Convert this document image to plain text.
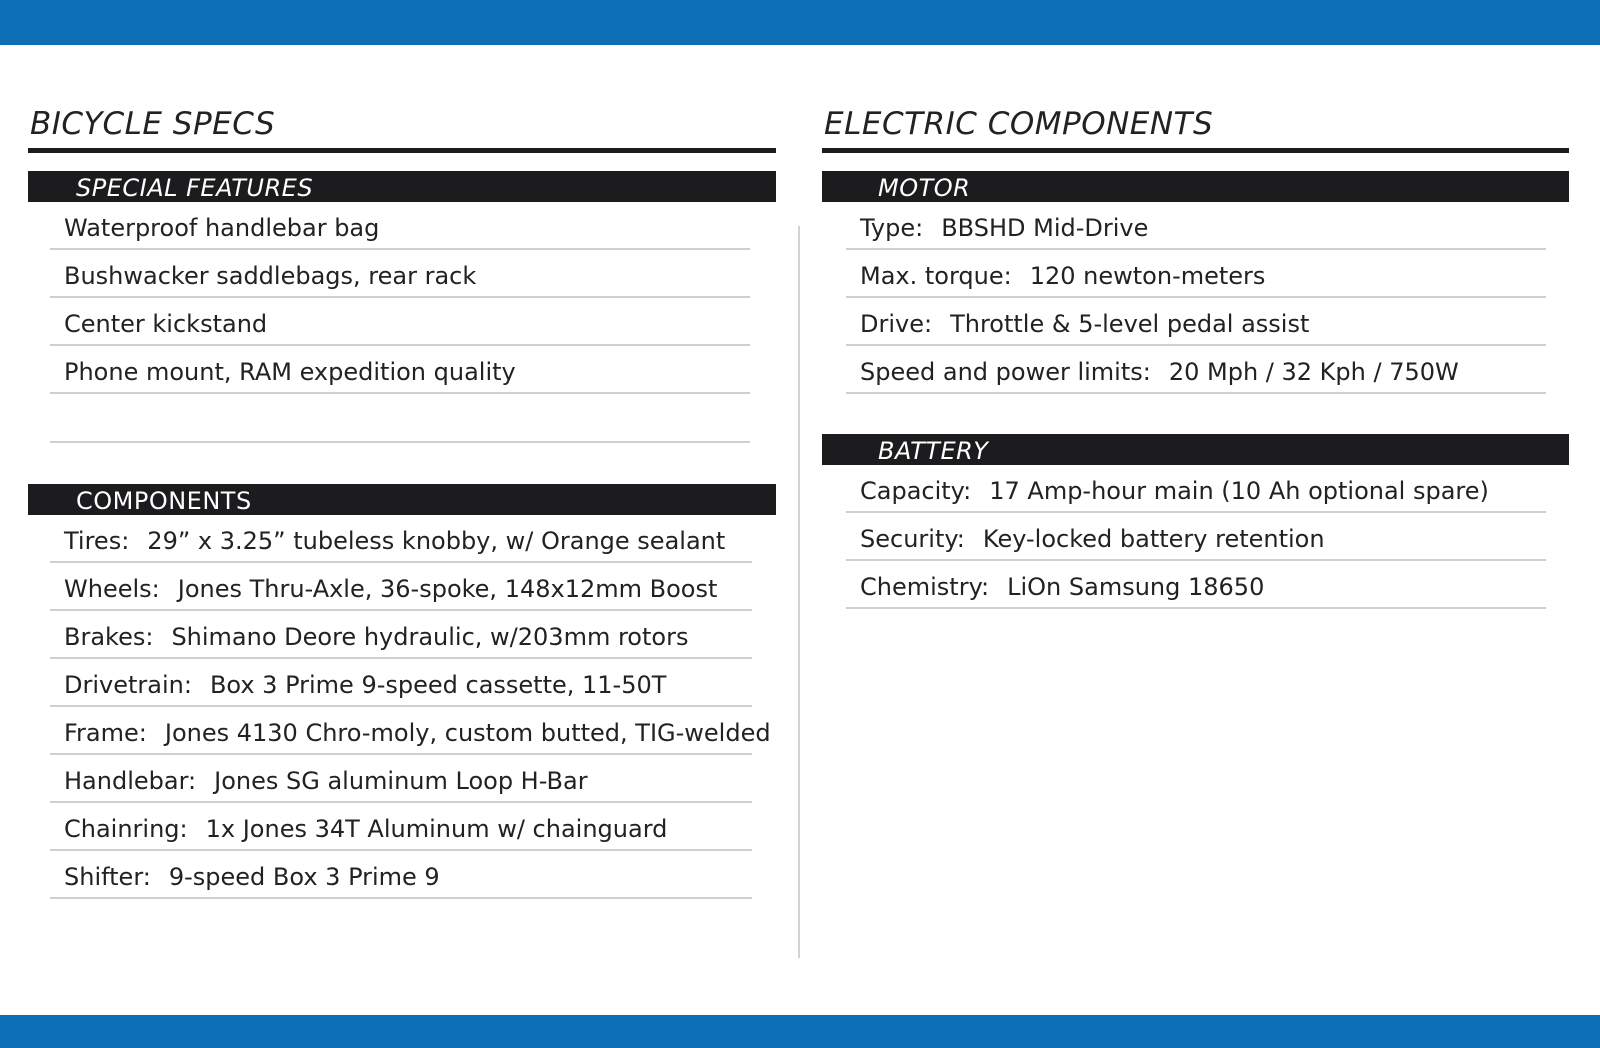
BICYCLE SPECS
SPECIAL FEATURES
Waterproof handlebar bag
Bushwacker saddlebags, rear rack
Center kickstand
Phone mount, RAM expedition quality
COMPONENTS
Tires: 29” x 3.25” tubeless knobby, w/ Orange sealant
Wheels: Jones Thru-Axle, 36-spoke, 148x12mm Boost
Brakes: Shimano Deore hydraulic, w/203mm rotors
Drivetrain: Box 3 Prime 9-speed cassette, 11-50T
Frame: Jones 4130 Chro-moly, custom butted, TIG-welded
Handlebar: Jones SG aluminum Loop H-Bar
Chainring: 1x Jones 34T Aluminum w/ chainguard
Shifter: 9-speed Box 3 Prime 9
ELECTRIC COMPONENTS
MOTOR
Type: BBSHD Mid-Drive
Max. torque: 120 newton-meters
Drive: Throttle & 5-level pedal assist
Speed and power limits: 20 Mph / 32 Kph / 750W
BATTERY
Capacity: 17 Amp-hour main (10 Ah optional spare)
Security: Key-locked battery retention
Chemistry: LiOn Samsung 18650
